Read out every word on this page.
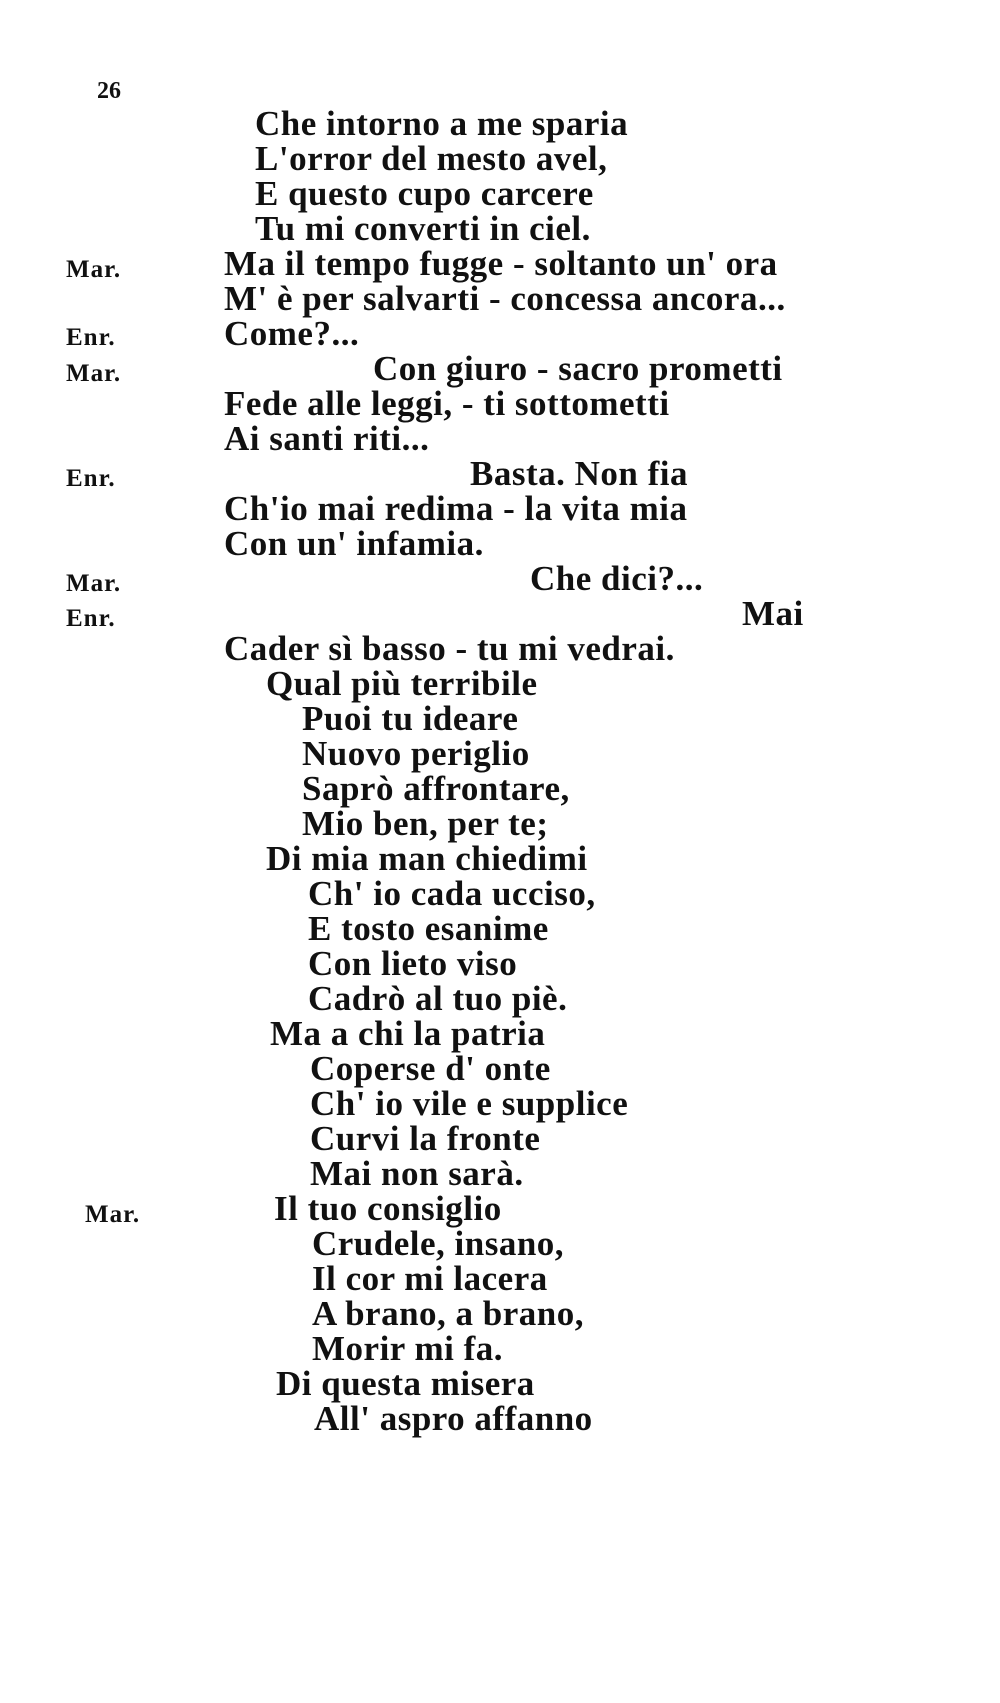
26
Mar.
Enr.
Mar.
Enr.
Mar.
Enr.
Mar.
Che intorno a me sparia
L'orror del mesto avel,
E questo cupo carcere
Tu mi converti in ciel.
Ma il tempo fugge - soltanto un' ora
M' è per salvarti - concessa ancora...
Come?...
Con giuro - sacro prometti
Fede alle leggi, - ti sottometti
Ai santi riti...
Basta. Non fia
Ch'io mai redima - la vita mia
Con un' infamia.
Che dici?...
Mai
Cader sì basso - tu mi vedrai.
Qual più terribile
Puoi tu ideare
Nuovo periglio
Saprò affrontare,
Mio ben, per te;
Di mia man chiedimi
Ch' io cada ucciso,
E tosto esanime
Con lieto viso
Cadrò al tuo piè.
Ma a chi la patria
Coperse d' onte
Ch' io vile e supplice
Curvi la fronte
Mai non sarà.
Il tuo consiglio
Crudele, insano,
Il cor mi lacera
A brano, a brano,
Morir mi fa.
Di questa misera
All' aspro affanno
